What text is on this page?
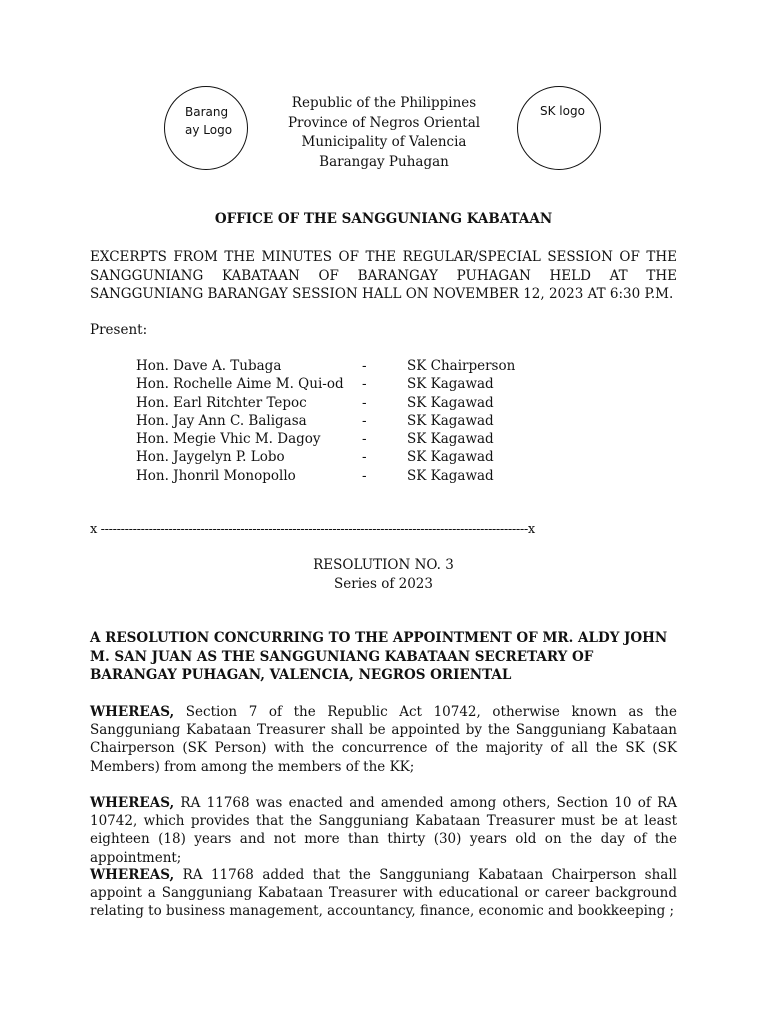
Barang ay Logo
SK logo
Republic of the Philippines
Province of Negros Oriental
Municipality of Valencia
Barangay Puhagan
OFFICE OF THE SANGGUNIANG KABATAAN
EXCERPTS FROM THE MINUTES OF THE REGULAR/SPECIAL SESSION OF THE SANGGUNIANG KABATAAN OF BARANGAY PUHAGAN HELD AT THE SANGGUNIANG BARANGAY SESSION HALL ON NOVEMBER 12, 2023 AT 6:30 P.M.
Present:
Hon. Dave A. Tubaga	-	SK Chairperson
Hon. Rochelle Aime M. Qui-od -	SK Kagawad
Hon. Earl Ritchter Tepoc	-	SK Kagawad
Hon. Jay Ann C. Baligasa	-	SK Kagawad
Hon. Megie Vhic M. Dagoy	-	SK Kagawad
Hon. Jaygelyn P. Lobo	-	SK Kagawad
Hon. Jhonril Monopollo	-	SK Kagawad
x -----------------------------------------------------------------------------------------------------------x
RESOLUTION NO. 3
Series of 2023
A RESOLUTION CONCURRING TO THE APPOINTMENT OF MR. ALDY JOHN M. SAN JUAN AS THE SANGGUNIANG KABATAAN SECRETARY OF BARANGAY PUHAGAN, VALENCIA, NEGROS ORIENTAL
WHEREAS, Section 7 of the Republic Act 10742, otherwise known as the Sangguniang Kabataan Treasurer shall be appointed by the Sangguniang Kabataan Chairperson (SK Person) with the concurrence of the majority of all the SK (SK Members) from among the members of the KK;
WHEREAS, RA 11768 was enacted and amended among others, Section 10 of RA 10742, which provides that the Sangguniang Kabataan Treasurer must be at least eighteen (18) years and not more than thirty (30) years old on the day of the appointment;
WHEREAS, RA 11768 added that the Sangguniang Kabataan Chairperson shall appoint a Sangguniang Kabataan Treasurer with educational or career background relating to business management, accountancy, finance, economic and bookkeeping ;
